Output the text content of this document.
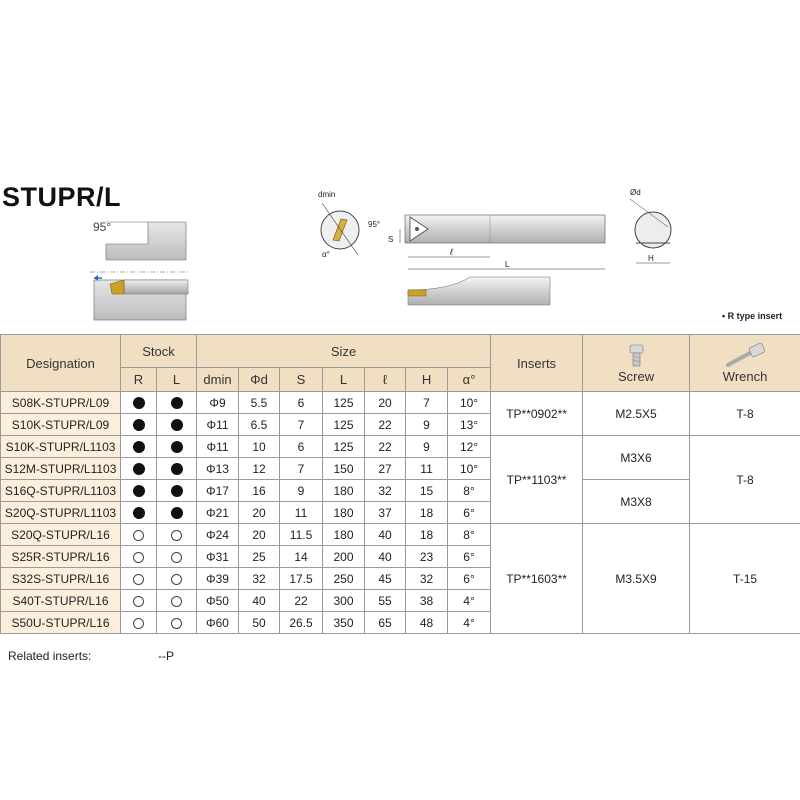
STUPR/L
95°
dmin
α°
95°
S
ℓ
L
Ød
H
• R type insert
Designation	Stock		Size							Inserts	Screw	Wrench
	R	L	dmin	Φd	S	L	ℓ	H	α°			
S08K-STUPR/L09			Φ9	5.5	6	125	20	7	10°	TP**0902**	M2.5X5	T-8
S10K-STUPR/L09			Φ11	6.5	7	125	22	9	13°			
S10K-STUPR/L1103			Φ11	10	6	125	22	9	12°	TP**1103**	M3X6	T-8
S12M-STUPR/L1103			Φ13	12	7	150	27	11	10°			
S16Q-STUPR/L1103			Φ17	16	9	180	32	15	8°		M3X8	
S20Q-STUPR/L1103			Φ21	20	11	180	37	18	6°			
S20Q-STUPR/L16			Φ24	20	11.5	180	40	18	8°	TP**1603**	M3.5X9	T-15
S25R-STUPR/L16			Φ31	25	14	200	40	23	6°			
S32S-STUPR/L16			Φ39	32	17.5	250	45	32	6°			
S40T-STUPR/L16			Φ50	40	22	300	55	38	4°			
S50U-STUPR/L16			Φ60	50	26.5	350	65	48	4°			
Related inserts:	--P
